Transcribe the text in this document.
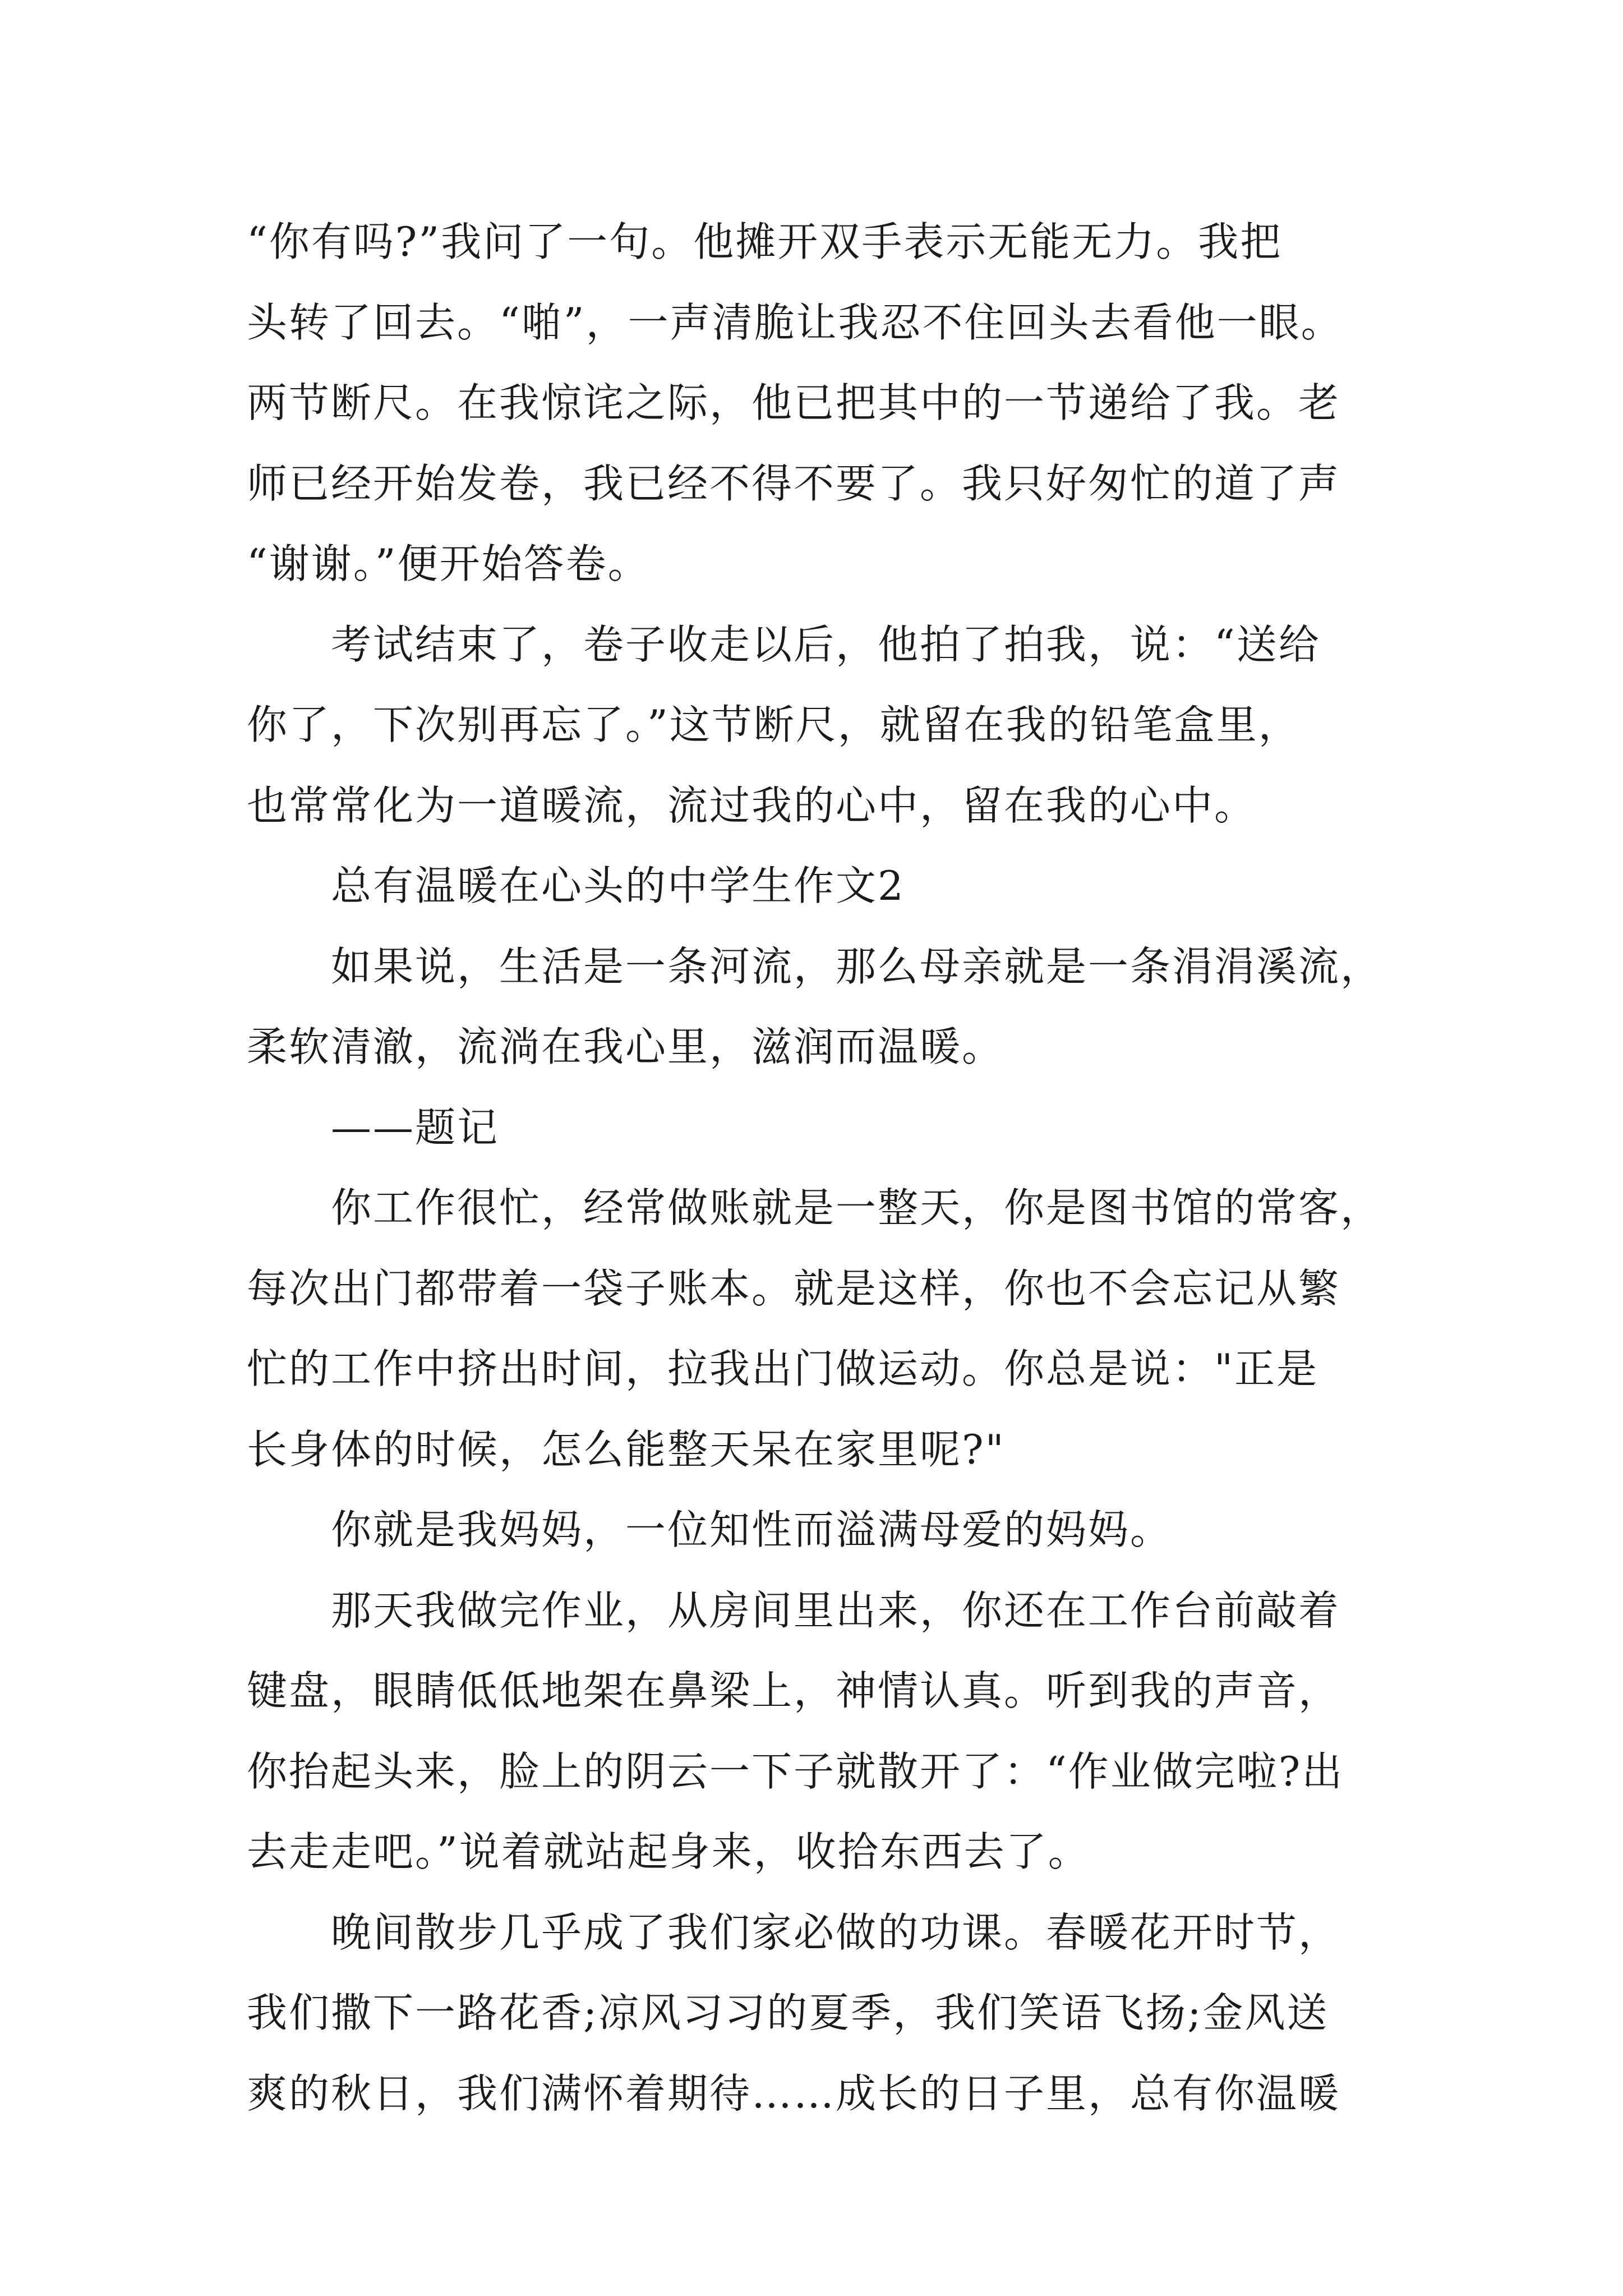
“你有吗?”我问了一句。他摊开双手表示无能无力。我把
头转了回去。“啪”，一声清脆让我忍不住回头去看他一眼。
两节断尺。在我惊诧之际，他已把其中的一节递给了我。老
师已经开始发卷，我已经不得不要了。我只好匆忙的道了声
“谢谢。”便开始答卷。
考试结束了，卷子收走以后，他拍了拍我，说：“送给
你了，下次别再忘了。”这节断尺，就留在我的铅笔盒里，
也常常化为一道暖流，流过我的心中，留在我的心中。
总有温暖在心头的中学生作文2
如果说，生活是一条河流，那么母亲就是一条涓涓溪流，
柔软清澈，流淌在我心里，滋润而温暖。
——题记
你工作很忙，经常做账就是一整天，你是图书馆的常客，
每次出门都带着一袋子账本。就是这样，你也不会忘记从繁
忙的工作中挤出时间，拉我出门做运动。你总是说："正是
长身体的时候，怎么能整天呆在家里呢?"
你就是我妈妈，一位知性而溢满母爱的妈妈。
那天我做完作业，从房间里出来，你还在工作台前敲着
键盘，眼睛低低地架在鼻梁上，神情认真。听到我的声音，
你抬起头来，脸上的阴云一下子就散开了：“作业做完啦?出
去走走吧。”说着就站起身来，收拾东西去了。
晚间散步几乎成了我们家必做的功课。春暖花开时节，
我们撒下一路花香;凉风习习的夏季，我们笑语飞扬;金风送
爽的秋日，我们满怀着期待……成长的日子里，总有你温暖
